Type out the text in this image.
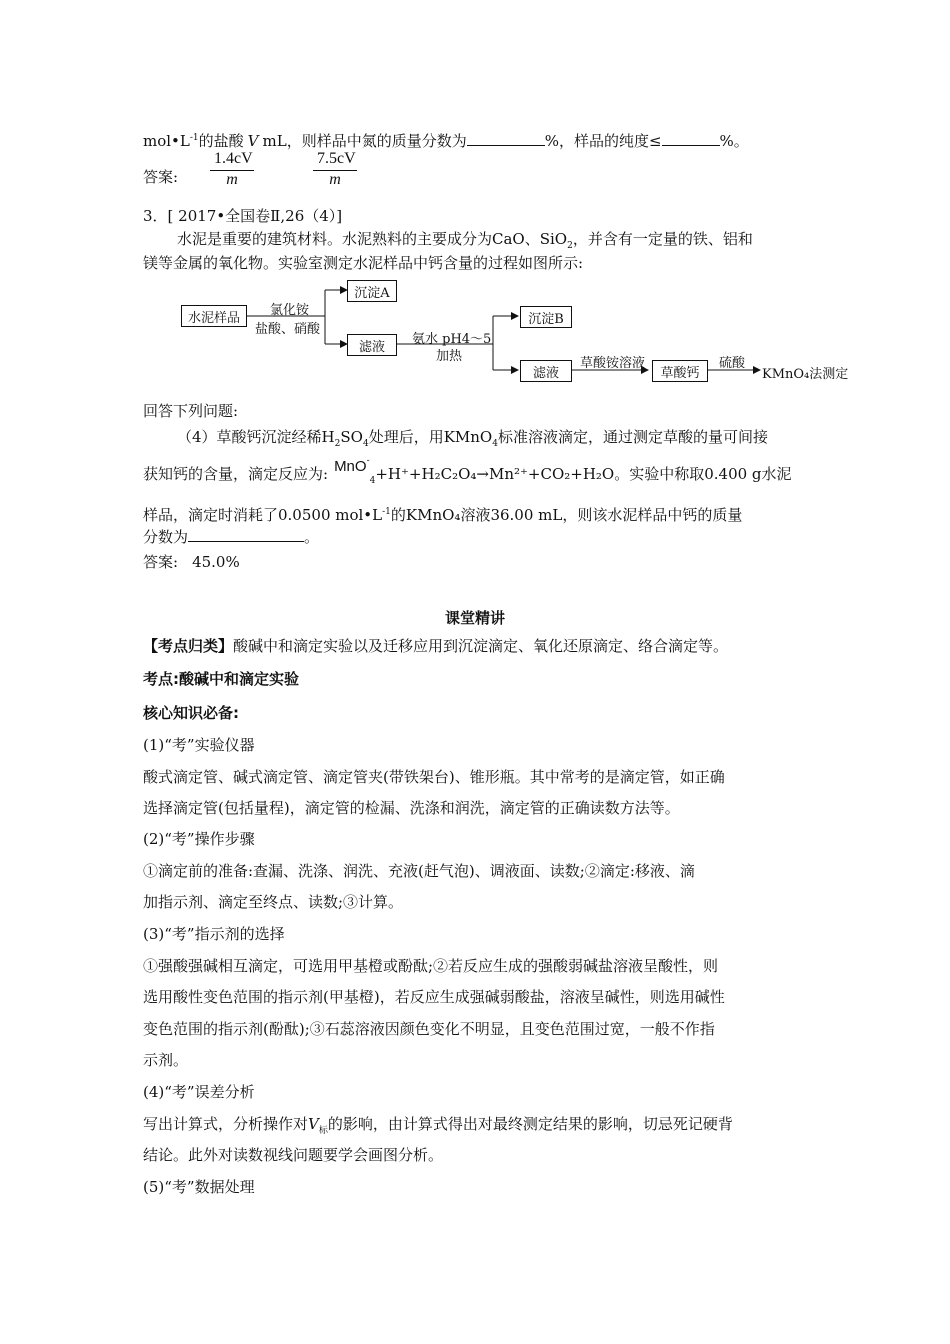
$mol•L^{-1}$的盐酸 V mL，则样品中氮的质量分数为	%，样品的纯度≤	%。
答案:
1.4cV
m
7.5cV
m
3．[ 2017•全国卷Ⅱ,26（4）]
水泥是重要的建筑材料。水泥熟料的主要成分为CaO、SiO$_2$，并含有一定量的铁、铝和
镁等金属的氧化物。实验室测定水泥样品中钙含量的过程如图所示:
水泥样品	氯化铵
盐酸、硝酸
沉淀A
滤液	氨水 pH4～5
加热
沉淀B
滤液
草酸铵溶液
草酸钙
硫酸
KMnO₄法测定
回答下列问题:
（4）草酸钙沉淀经稀$H_2SO_4$处理后，用KMnO$_4$标准溶液滴定，通过测定草酸的量可间接
获知钙的含量，滴定反应为: MnO-$_4$+H⁺+H₂C₂O₄→Mn²⁺+CO₂+H₂O。实验中称取0.400 g水泥
样品，滴定时消耗了0.0500 $mol•L^{-1}$的KMnO₄溶液36.00 mL，则该水泥样品中钙的质量
分数为	。
答案: 45.0%
课堂精讲
【考点归类】酸碱中和滴定实验以及迁移应用到沉淀滴定、氧化还原滴定、络合滴定等。
考点:酸碱中和滴定实验
核心知识必备:
(1)“考”实验仪器
酸式滴定管、碱式滴定管、滴定管夹(带铁架台)、锥形瓶。其中常考的是滴定管，如正确
选择滴定管(包括量程)，滴定管的检漏、洗涤和润洗，滴定管的正确读数方法等。
(2)“考”操作步骤
①滴定前的准备:查漏、洗涤、润洗、充液(赶气泡)、调液面、读数;②滴定:移液、滴
加指示剂、滴定至终点、读数;③计算。
(3)“考”指示剂的选择
①强酸强碱相互滴定，可选用甲基橙或酚酞;②若反应生成的强酸弱碱盐溶液呈酸性，则
选用酸性变色范围的指示剂(甲基橙)，若反应生成强碱弱酸盐，溶液呈碱性，则选用碱性
变色范围的指示剂(酚酞);③石蕊溶液因颜色变化不明显，且变色范围过宽，一般不作指
示剂。
(4)“考”误差分析
写出计算式，分析操作对$V_标$的影响，由计算式得出对最终测定结果的影响，切忌死记硬背
结论。此外对读数视线问题要学会画图分析。
(5)“考”数据处理
